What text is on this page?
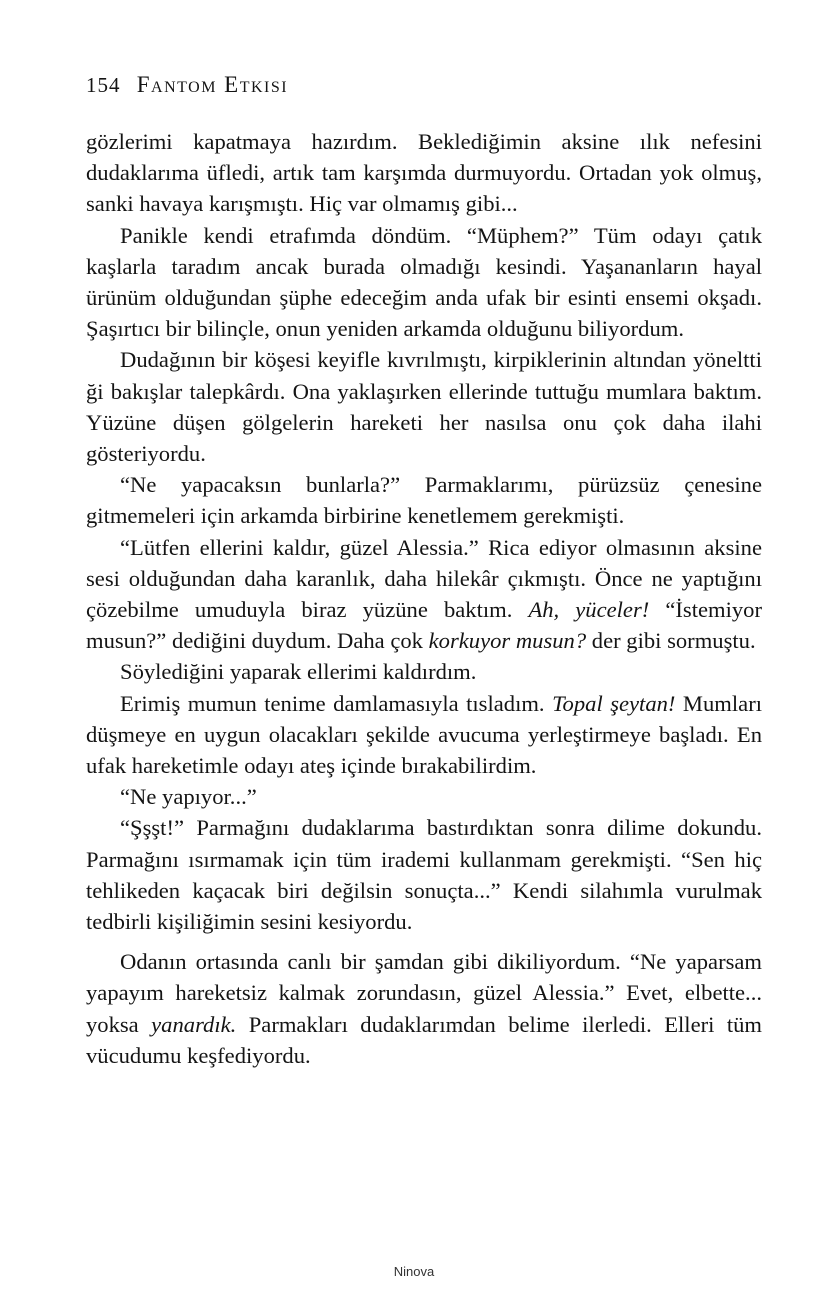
154 Fantom Etkisi

gözlerimi kapatmaya hazırdım. Beklediğimin aksine ılık nefesini dudaklarıma üfledi, artık tam karşımda durmuyordu. Ortadan yok olmuş, sanki havaya karışmıştı. Hiç var olmamış gibi...

Panikle kendi etrafımda döndüm. “Müphem?” Tüm odayı çatık kaşlarla taradım ancak burada olmadığı kesindi. Yaşananların hayal ürünüm olduğundan şüphe edeceğim anda ufak bir esinti ensemi okşadı. Şaşırtıcı bir bilinçle, onun yeniden arkamda olduğunu biliyordum.

Dudağının bir köşesi keyifle kıvrılmıştı, kirpiklerinin altından yöneltti ği bakışlar talepkârdı. Ona yaklaşırken ellerinde tuttuğu mumlara baktım. Yüzüne düşen gölgelerin hareketi her nasılsa onu çok daha ilahi gösteriyordu.

“Ne yapacaksın bunlarla?” Parmaklarımı, pürüzsüz çenesine gitmemeleri için arkamda birbirine kenetlemem gerekmişti.

“Lütfen ellerini kaldır, güzel Alessia.” Rica ediyor olmasının aksine sesi olduğundan daha karanlık, daha hilekâr çıkmıştı. Önce ne yaptığını çözebilme umuduyla biraz yüzüne baktım. Ah, yüceler! “İstemiyor musun?” dediğini duydum. Daha çok korkuyor musun? der gibi sormuştu.

Söylediğini yaparak ellerimi kaldırdım.

Erimiş mumun tenime damlamasıyla tısladım. Topal şeytan! Mumları düşmeye en uygun olacakları şekilde avucuma yerleştirmeye başladı. En ufak hareketimle odayı ateş içinde bırakabilirdim.

“Ne yapıyor...”

“Şşşt!” Parmağını dudaklarıma bastırdıktan sonra dilime dokundu. Parmağını ısırmamak için tüm irademi kullanmam gerekmişti. “Sen hiç tehlikeden kaçacak biri değilsin sonuçta...” Kendi silahımla vurulmak tedbirli kişiliğimin sesini kesiyordu.

Odanın ortasında canlı bir şamdan gibi dikiliyordum. “Ne yaparsam yapayım hareketsiz kalmak zorundasın, güzel Alessia.” Evet, elbette... yoksa yanardık. Parmakları dudaklarımdan belime ilerledi. Elleri tüm vücudumu keşfediyordu.

Ninova
